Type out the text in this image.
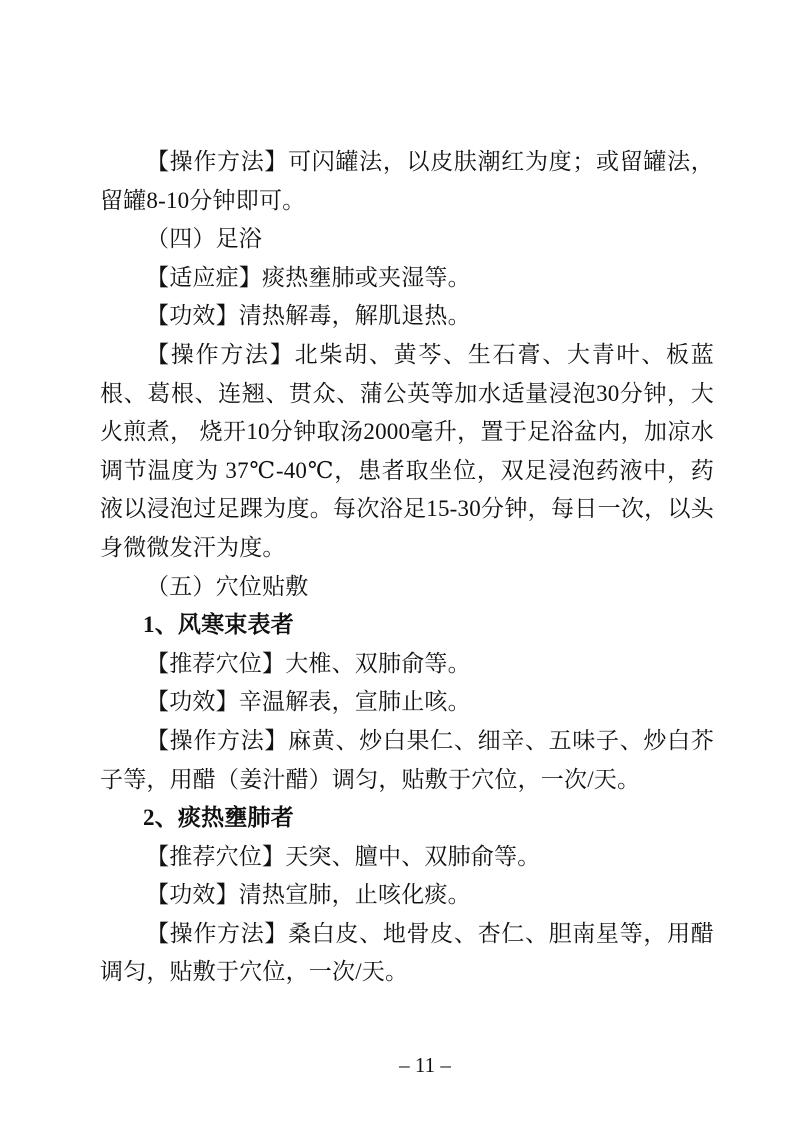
【操作方法】可闪罐法，以皮肤潮红为度；或留罐法，留罐8-10分钟即可。

（四）足浴

【适应症】痰热壅肺或夹湿等。

【功效】清热解毒，解肌退热。

【操作方法】北柴胡、黄芩、生石膏、大青叶、板蓝根、葛根、连翘、贯众、蒲公英等加水适量浸泡30分钟，大火煎煮， 烧开10分钟取汤2000毫升，置于足浴盆内，加凉水调节温度为 37℃-40℃，患者取坐位，双足浸泡药液中，药液以浸泡过足踝为度。每次浴足15-30分钟，每日一次，以头身微微发汗为度。

（五）穴位贴敷

1、风寒束表者

【推荐穴位】大椎、双肺俞等。

【功效】辛温解表，宣肺止咳。

【操作方法】麻黄、炒白果仁、细辛、五味子、炒白芥子等，用醋（姜汁醋）调匀，贴敷于穴位，一次/天。

2、痰热壅肺者

【推荐穴位】天突、膻中、双肺俞等。

【功效】清热宣肺，止咳化痰。

【操作方法】桑白皮、地骨皮、杏仁、胆南星等，用醋调匀，贴敷于穴位，一次/天。

– 11 –
